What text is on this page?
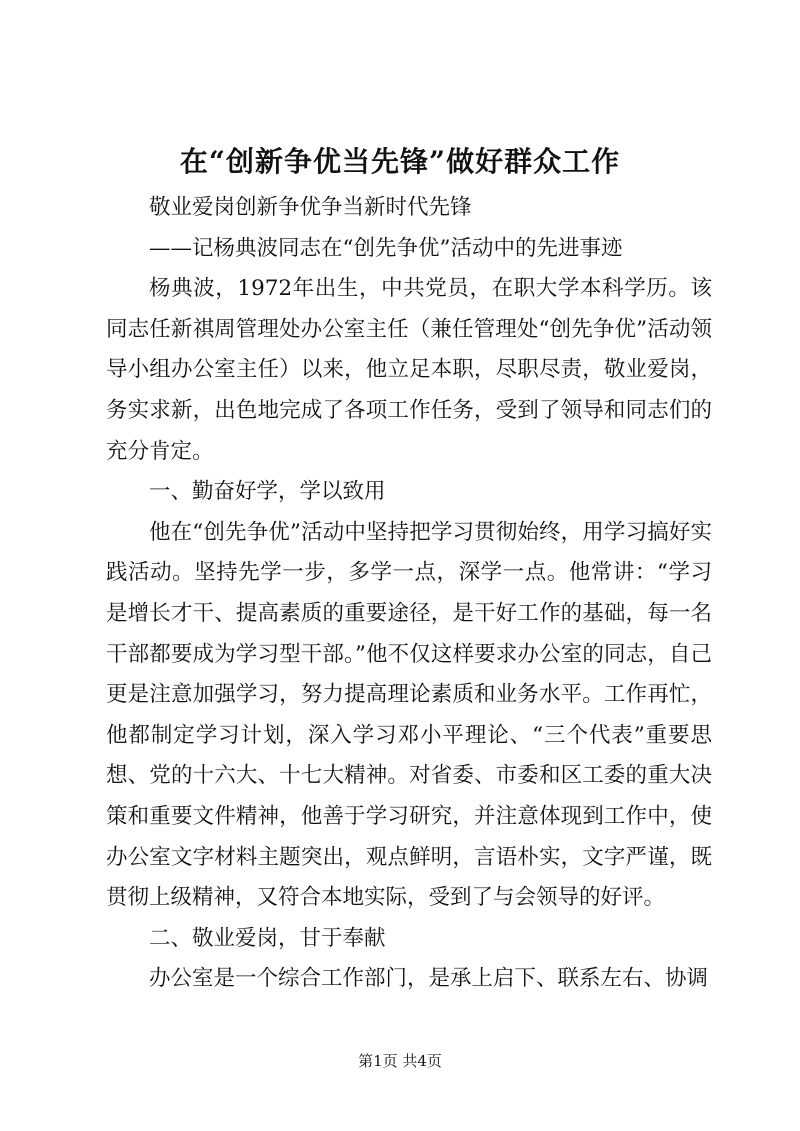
在“创新争优当先锋”做好群众工作

敬业爱岗创新争优争当新时代先锋

——记杨典波同志在“创先争优”活动中的先进事迹

杨典波，1972年出生，中共党员，在职大学本科学历。该同志任新祺周管理处办公室主任（兼任管理处“创先争优”活动领导小组办公室主任）以来，他立足本职，尽职尽责，敬业爱岗，务实求新，出色地完成了各项工作任务，受到了领导和同志们的充分肯定。

一、勤奋好学，学以致用

他在“创先争优”活动中坚持把学习贯彻始终，用学习搞好实践活动。坚持先学一步，多学一点，深学一点。他常讲：“学习是增长才干、提高素质的重要途径，是干好工作的基础，每一名干部都要成为学习型干部。”他不仅这样要求办公室的同志，自己更是注意加强学习，努力提高理论素质和业务水平。工作再忙，他都制定学习计划，深入学习邓小平理论、“三个代表”重要思想、党的十六大、十七大精神。对省委、市委和区工委的重大决策和重要文件精神，他善于学习研究，并注意体现到工作中，使办公室文字材料主题突出，观点鲜明，言语朴实，文字严谨，既贯彻上级精神，又符合本地实际，受到了与会领导的好评。

二、敬业爱岗，甘于奉献

办公室是一个综合工作部门，是承上启下、联系左右、协调

第1页 共4页
